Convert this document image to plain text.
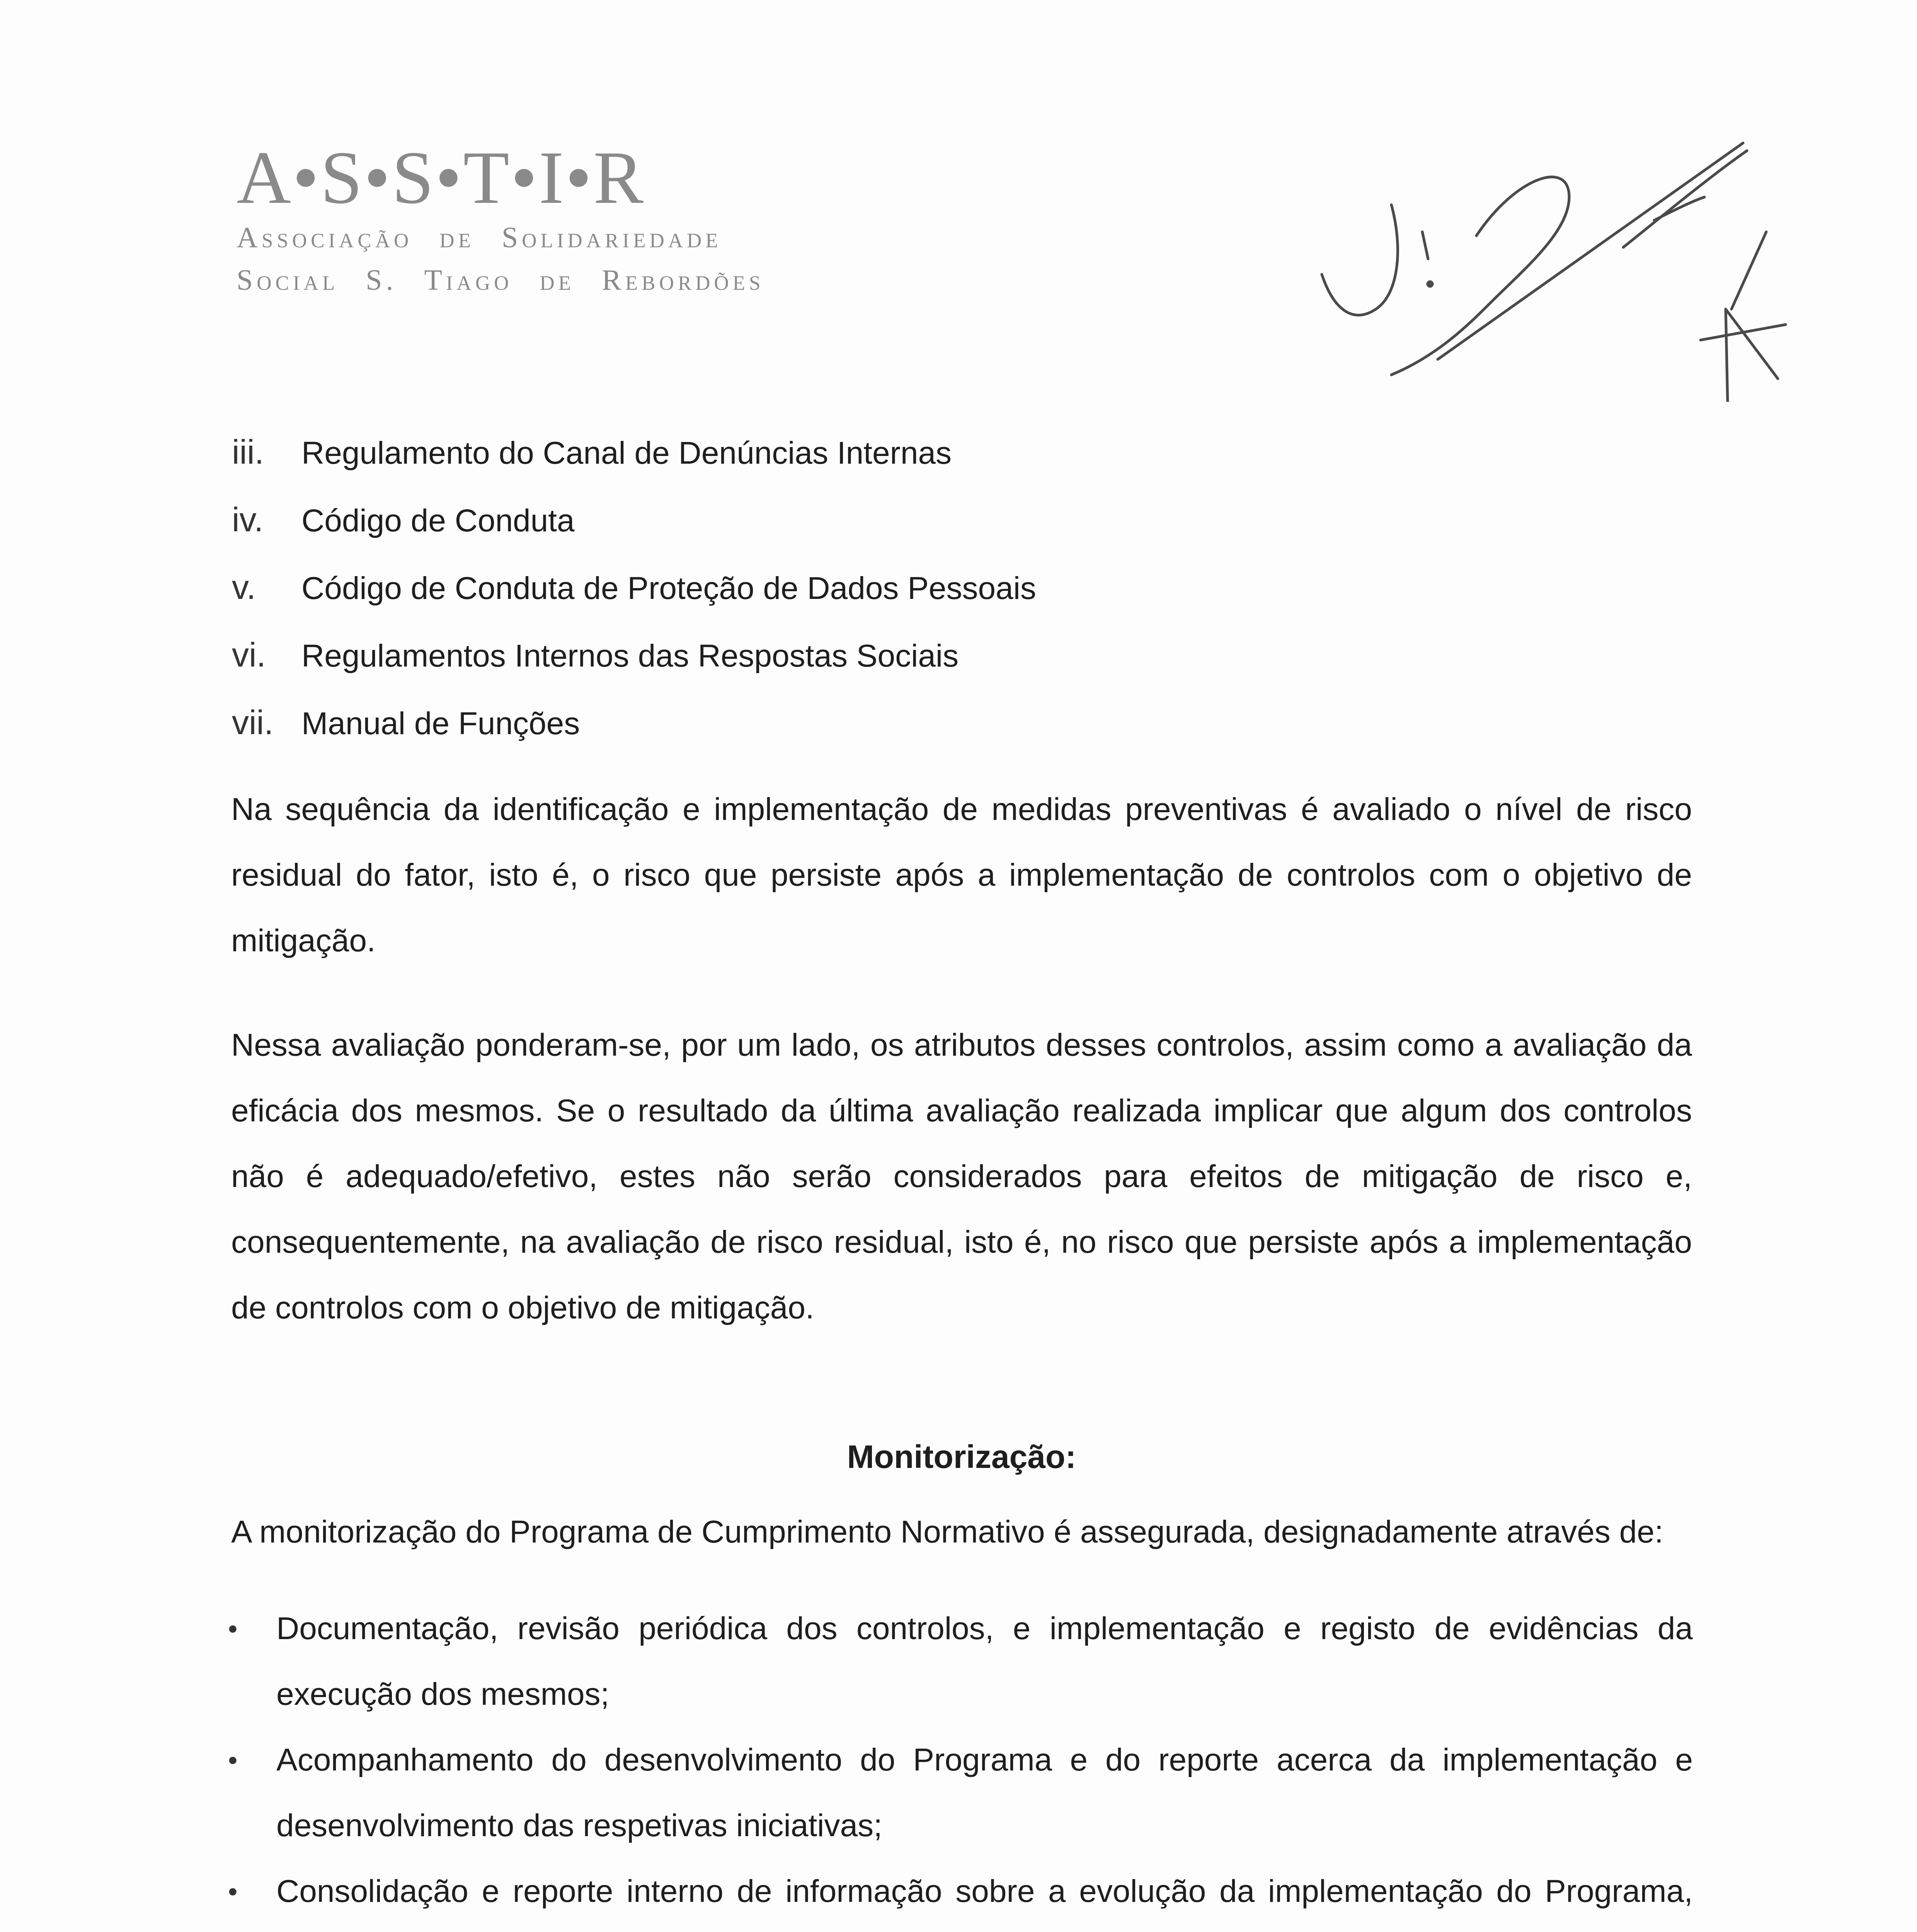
A•S•S•T•I•R
Associação de Solidariedade
Social S. Tiago de Rebordões
iii. Regulamento do Canal de Denúncias Internas
iv. Código de Conduta
v. Código de Conduta de Proteção de Dados Pessoais
vi. Regulamentos Internos das Respostas Sociais
vii. Manual de Funções

Na sequência da identificação e implementação de medidas preventivas é avaliado o nível de risco residual do fator, isto é, o risco que persiste após a implementação de controlos com o objetivo de mitigação.

Nessa avaliação ponderam-se, por um lado, os atributos desses controlos, assim como a avaliação da eficácia dos mesmos. Se o resultado da última avaliação realizada implicar que algum dos controlos não é adequado/efetivo, estes não serão considerados para efeitos de mitigação de risco e, consequentemente, na avaliação de risco residual, isto é, no risco que persiste após a implementação de controlos com o objetivo de mitigação.

Monitorização:

A monitorização do Programa de Cumprimento Normativo é assegurada, designadamente através de:

• Documentação, revisão periódica dos controlos, e implementação e registo de evidências da execução dos mesmos;
• Acompanhamento do desenvolvimento do Programa e do reporte acerca da implementação e desenvolvimento das respetivas iniciativas;
• Consolidação e reporte interno de informação sobre a evolução da implementação do Programa,
